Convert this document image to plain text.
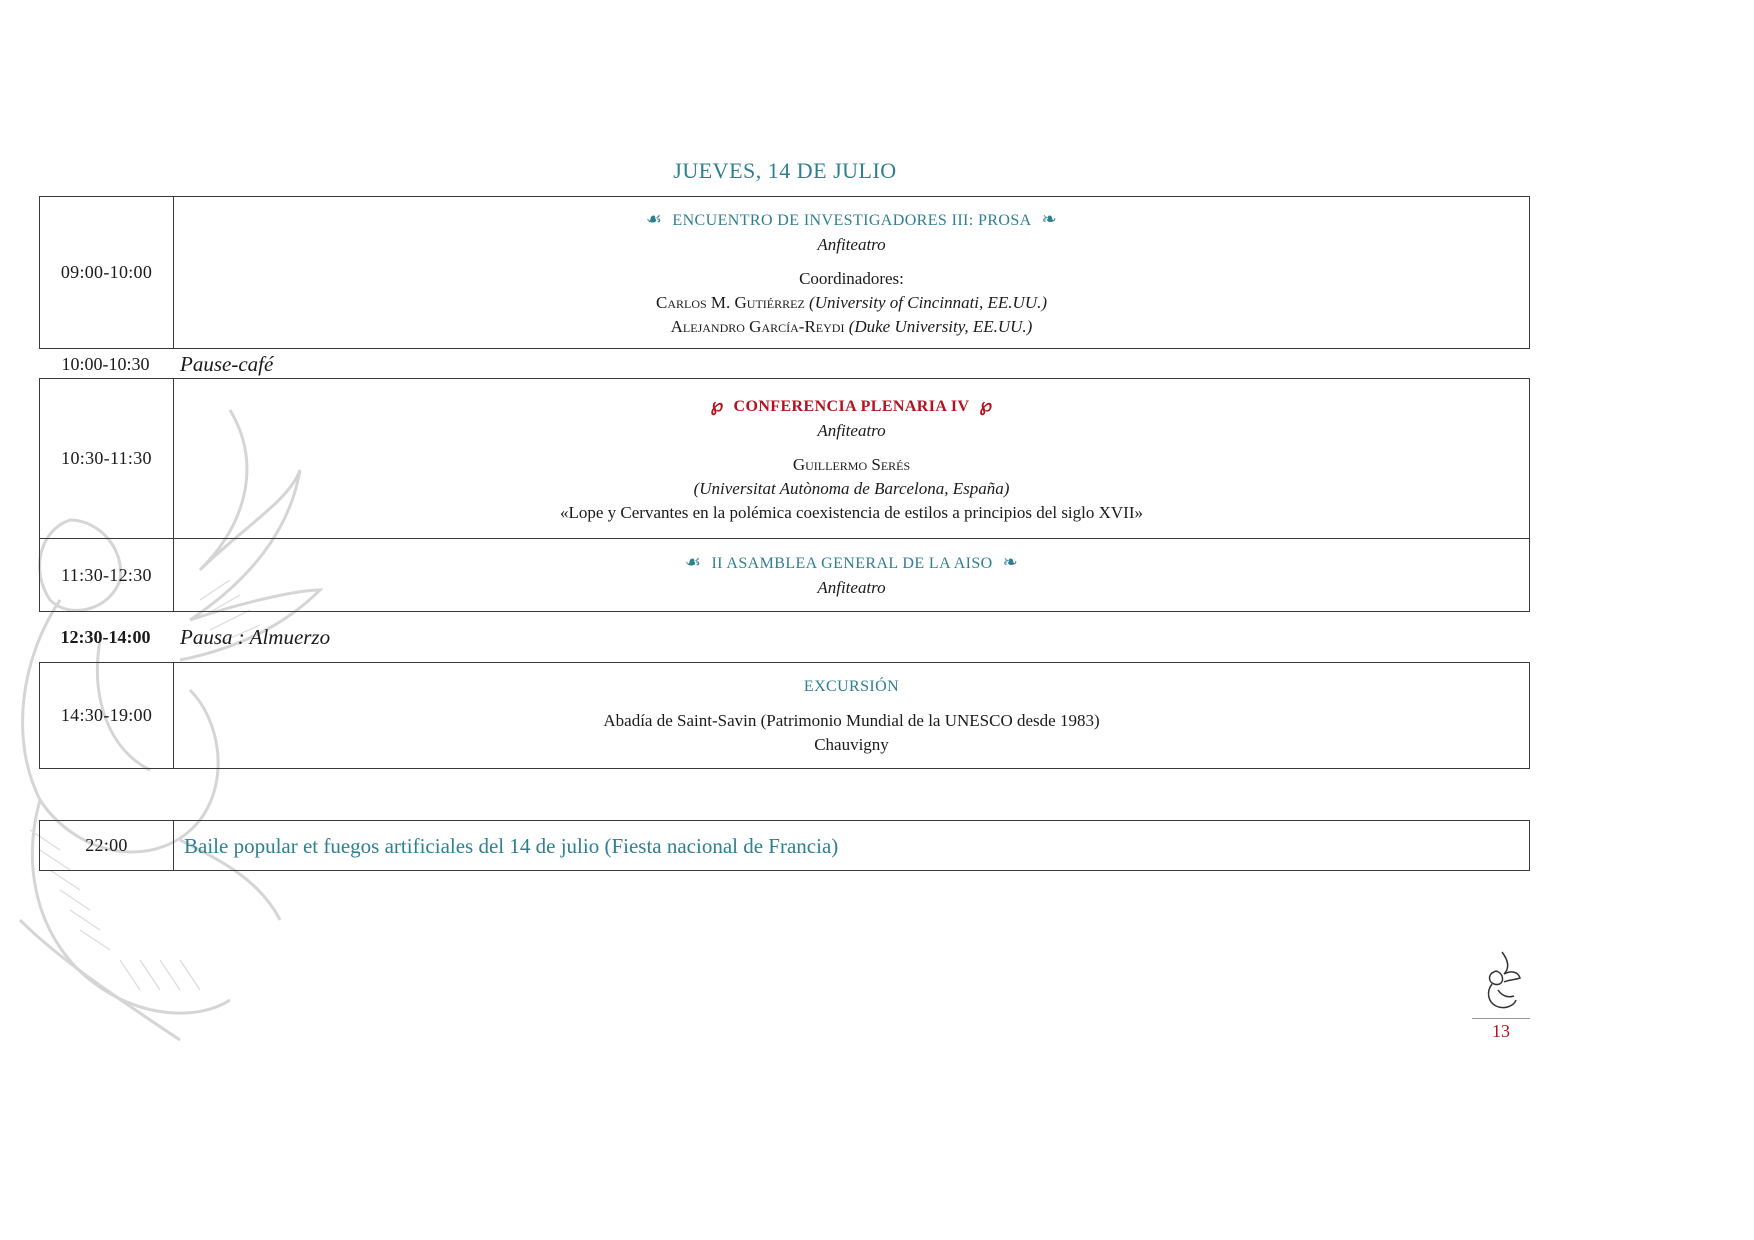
JUEVES, 14 DE JULIO
09:00-10:00
☙ ENCUENTRO DE INVESTIGADORES III: PROSA ❧
Anfiteatro
Coordinadores:
Carlos M. Gutiérrez (University of Cincinnati, EE.UU.)
Alejandro García-Reydi (Duke University, EE.UU.)
10:00-10:30	Pause-café
10:30-11:30
℘ CONFERENCIA PLENARIA IV ℘
Anfiteatro
Guillermo Serés
(Universitat Autònoma de Barcelona, España)
«Lope y Cervantes en la polémica coexistencia de estilos a principios del siglo XVII»
11:30-12:30
☙ II ASAMBLEA GENERAL DE LA AISO ❧
Anfiteatro
12:30-14:00	Pausa : Almuerzo
14:30-19:00
EXCURSIÓN
Abadía de Saint-Savin (Patrimonio Mundial de la UNESCO desde 1983)
Chauvigny
22:00	Baile popular et fuegos artificiales del 14 de julio (Fiesta nacional de Francia)
13
